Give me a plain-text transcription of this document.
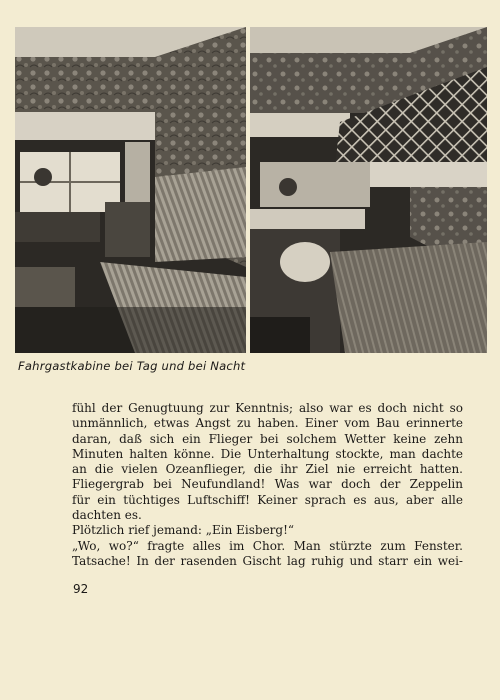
Fahrgastkabine bei Tag und bei Nacht
fühl der Genugtuung zur Kenntnis; also war es doch nicht so
unmännlich, etwas Angst zu haben. Einer vom Bau erinnerte
daran, daß sich ein Flieger bei solchem Wetter keine zehn
Minuten halten könne. Die Unterhaltung stockte, man dachte
an die vielen Ozeanflieger, die ihr Ziel nie erreicht hatten.
Fliegergrab bei Neufundland! Was war doch der Zeppelin
für ein tüchtiges Luftschiff! Keiner sprach es aus, aber alle
dachten es.
Plötzlich rief jemand: „Ein Eisberg!“
„Wo, wo?“ fragte alles im Chor. Man stürzte zum Fenster.
Tatsache! In der rasenden Gischt lag ruhig und starr ein wei-
92
